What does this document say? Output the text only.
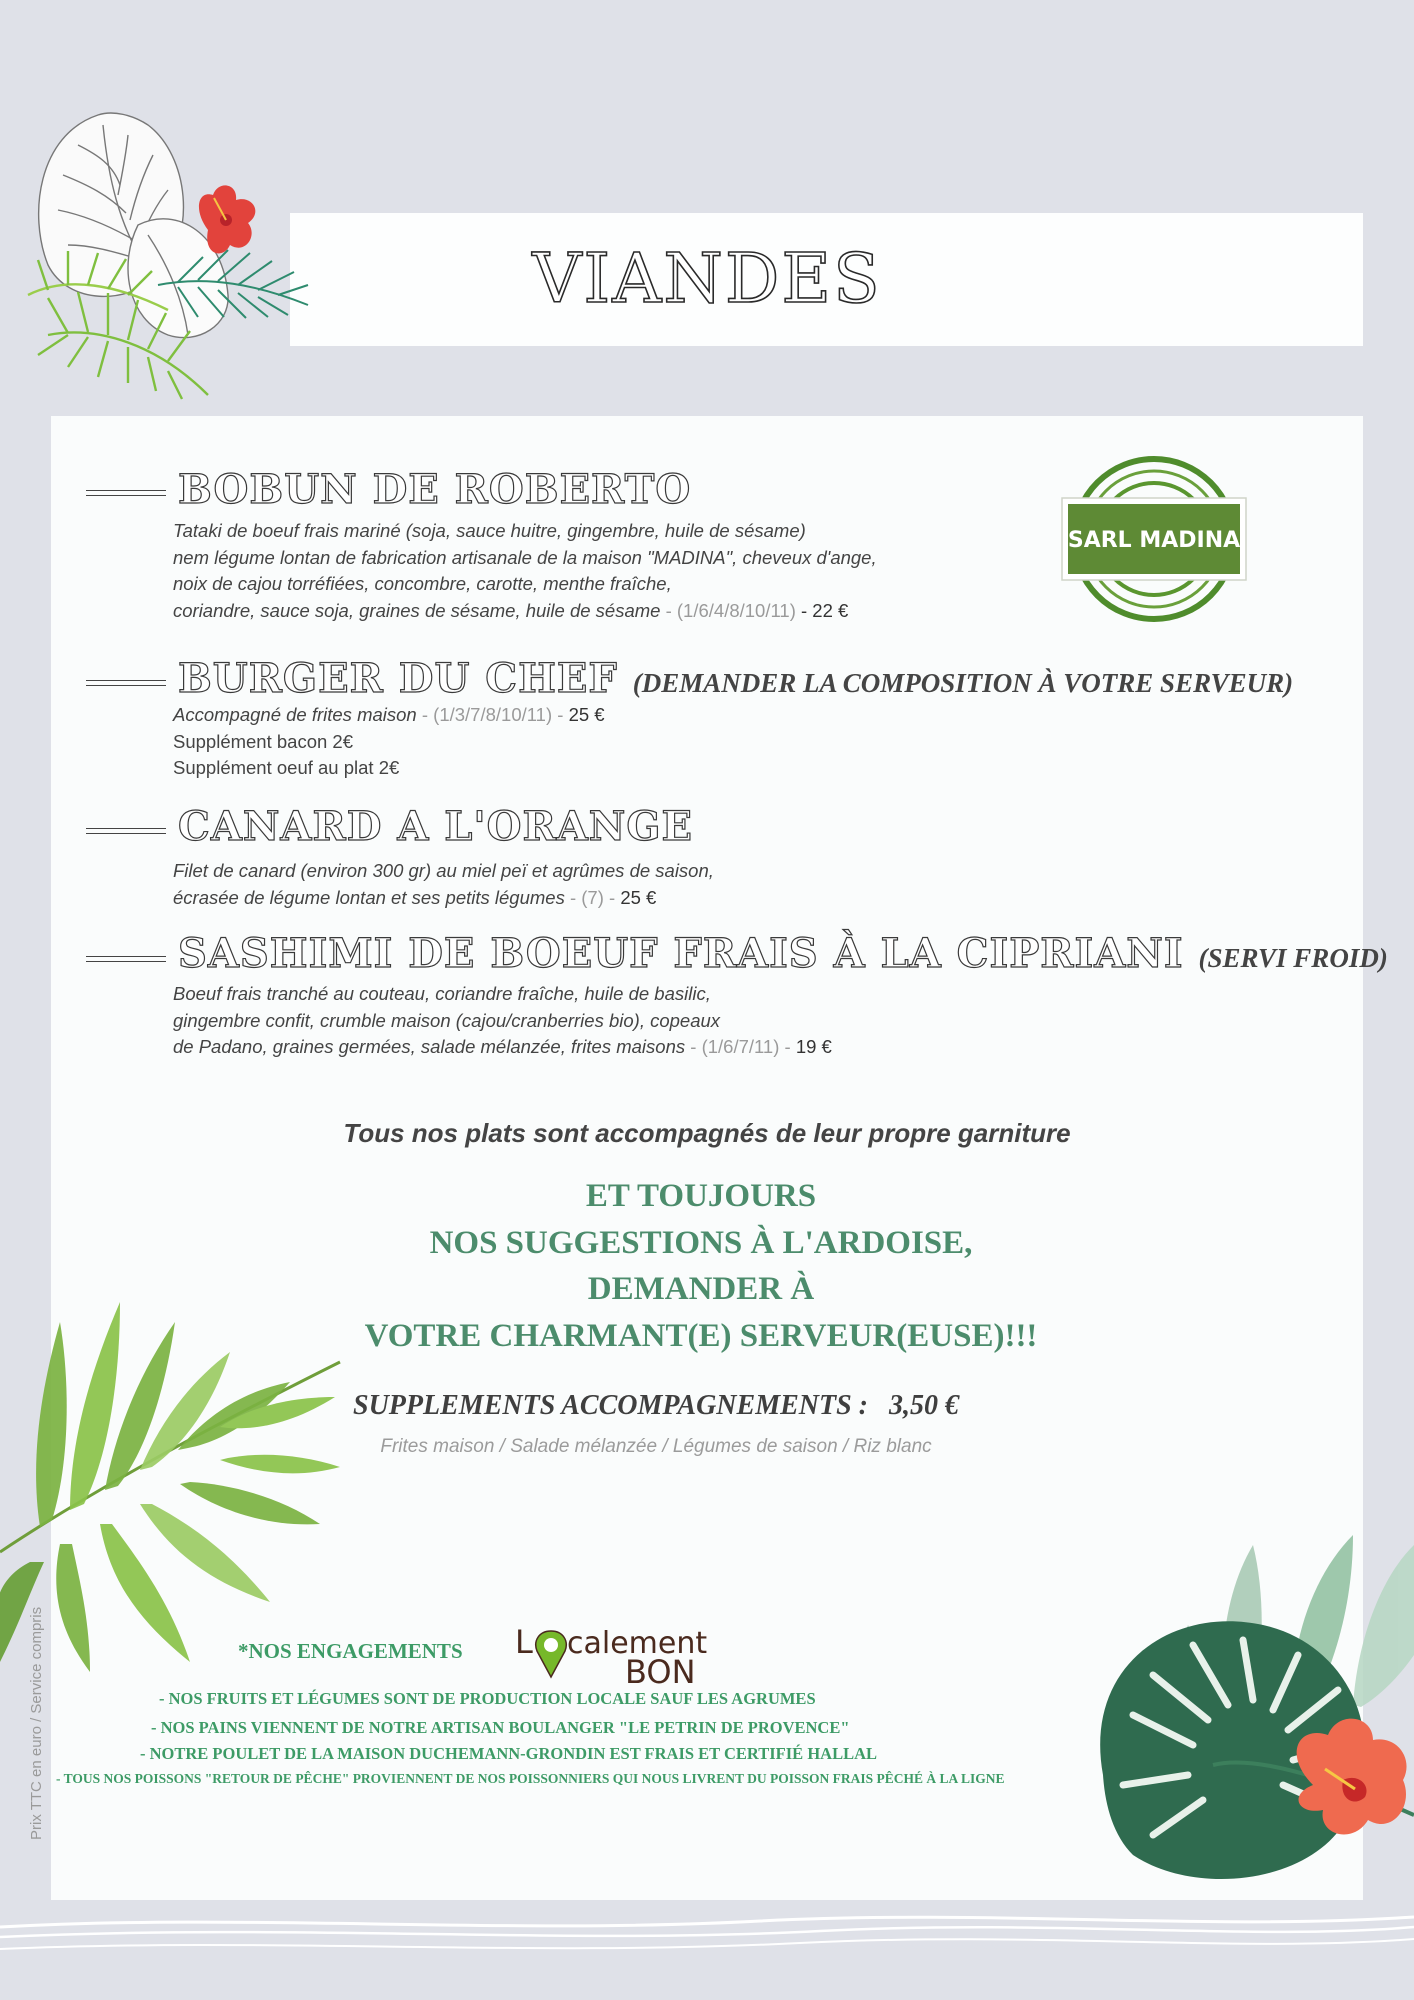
VIANDES
SARL MADINA
BOBUN DE ROBERTO
Tataki de boeuf frais mariné (soja, sauce huitre, gingembre, huile de sésame)
nem légume lontan de fabrication artisanale de la maison "MADINA", cheveux d'ange,
noix de cajou torréfiées, concombre, carotte, menthe fraîche,
coriandre, sauce soja, graines de sésame, huile de sésame - (1/6/4/8/10/11) - 22 €
BURGER DU CHEF (DEMANDER LA COMPOSITION À VOTRE SERVEUR)
Accompagné de frites maison - (1/3/7/8/10/11) - 25 €
Supplément bacon 2€
Supplément oeuf au plat 2€
CANARD A L'ORANGE
Filet de canard (environ 300 gr) au miel peï et agrûmes de saison,
écrasée de légume lontan et ses petits légumes - (7) - 25 €
SASHIMI DE BOEUF FRAIS À LA CIPRIANI (SERVI FROID)
Boeuf frais tranché au couteau, coriandre fraîche, huile de basilic,
gingembre confit, crumble maison (cajou/cranberries bio), copeaux
de Padano, graines germées, salade mélanzée, frites maisons - (1/6/7/11) - 19 €
Tous nos plats sont accompagnés de leur propre garniture
ET TOUJOURS
NOS SUGGESTIONS À L'ARDOISE,
DEMANDER À
VOTRE CHARMANT(E) SERVEUR(EUSE)!!!
SUPPLEMENTS ACCOMPAGNEMENTS :   3,50 €
Frites maison / Salade mélanzée / Légumes de saison / Riz blanc
Prix TTC en euro / Service compris	*NOS ENGAGEMENTS L calement
BON
- NOS FRUITS ET LÉGUMES SONT DE PRODUCTION LOCALE SAUF LES AGRUMES
- NOS PAINS VIENNENT DE NOTRE ARTISAN BOULANGER "LE PETRIN DE PROVENCE"
- NOTRE POULET DE LA MAISON DUCHEMANN-GRONDIN EST FRAIS ET CERTIFIÉ HALLAL
- TOUS NOS POISSONS "RETOUR DE PÊCHE" PROVIENNENT DE NOS POISSONNIERS QUI NOUS LIVRENT DU POISSON FRAIS PÊCHÉ À LA LIGNE
